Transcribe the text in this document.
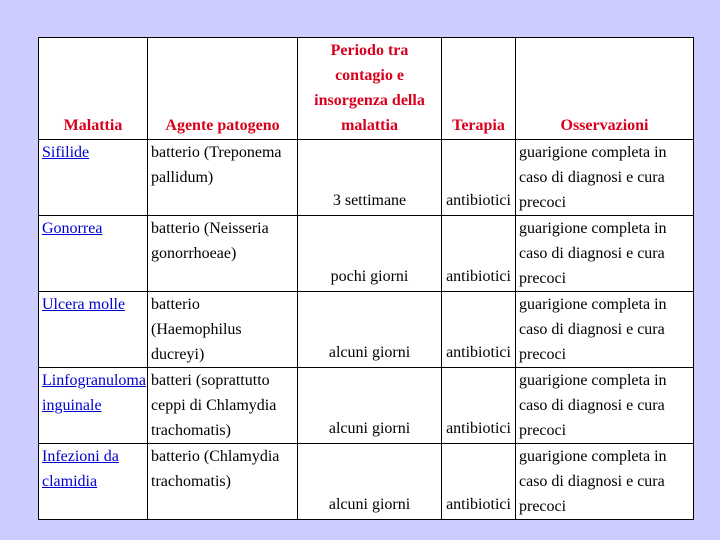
Malattia	Agente patogeno	Periodo tra contagio e insorgenza della malattia	Terapia	Osservazioni
Sifilide	batterio (Treponema pallidum)	3 settimane	antibiotici	guarigione completa in caso di diagnosi e cura precoci
Gonorrea	batterio (Neisseria gonorrhoeae)	pochi giorni	antibiotici	guarigione completa in caso di diagnosi e cura precoci
Ulcera molle	batterio (Haemophilus ducreyi)	alcuni giorni	antibiotici	guarigione completa in caso di diagnosi e cura precoci
Linfogranuloma inguinale	batteri (soprattutto ceppi di Chlamydia trachomatis)	alcuni giorni	antibiotici	guarigione completa in caso di diagnosi e cura precoci
Infezioni da clamidia	batterio (Chlamydia trachomatis)	alcuni giorni	antibiotici	guarigione completa in caso di diagnosi e cura precoci
